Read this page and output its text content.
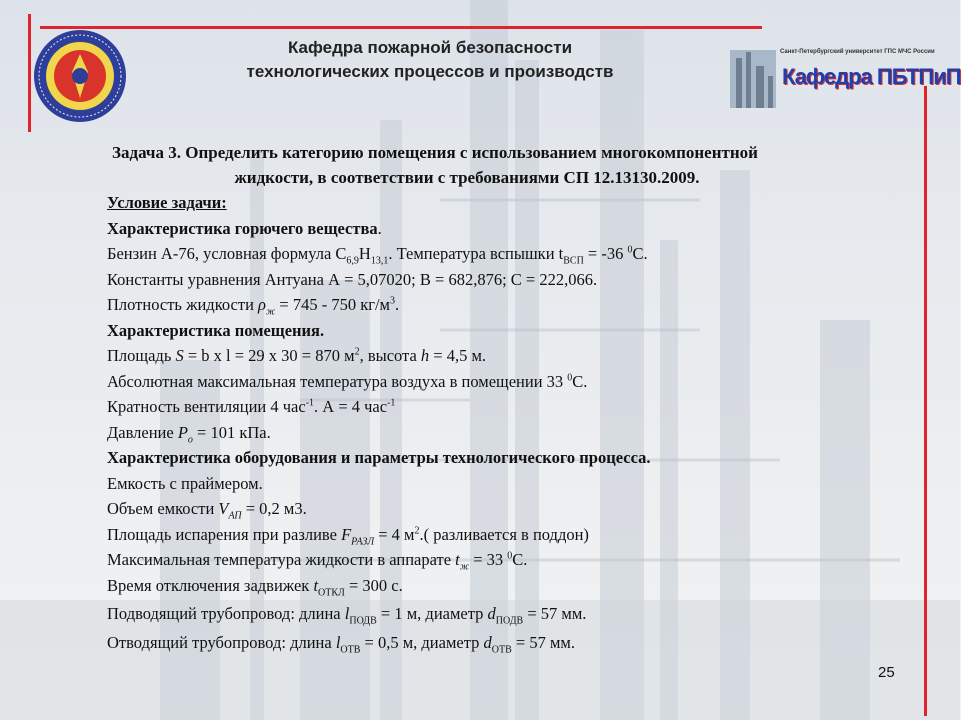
Кафедра пожарной безопасности
технологических процессов и производств
Санкт-Петербургский университет ГПС МЧС России
Кафедра ПБТПиП
Задача 3. Определить категорию помещения с использованием многокомпонентной
жидкости, в соответствии с требованиями СП 12.13130.2009.
Условие задачи:
Характеристика горючего вещества.
Бензин А-76, условная формула $С_{6,9}Н_{13,1}$. Температура вспышки $t_{ВСП} = -36$ $^0$С.
Константы уравнения Антуана А = 5,07020; В = 682,876; С = 222,066.
Плотность жидкости $\rho_ж = 745 - 750$ $кг/м^3$.
Характеристика помещения.
Площадь S = b х l = 29 х 30 = 870 $м^2$, высота h = 4,5 м.
Абсолютная максимальная температура воздуха в помещении 33 $^0$С.
Кратность вентиляции 4 час$^{-1}$. А = 4 час$^{-1}$
Давление $Р_о = 101$ кПа.
Характеристика оборудования и параметры технологического процесса.
Емкость с праймером.
Объем емкости $V_{АП} = 0,2$ м3.
Площадь испарения при разливе $F_{РАЗЛ} = 4$ $м^2$.( разливается в поддон)
Максимальная температура жидкости в аппарате $t_ж = 33$ $^0$С.
Время отключения задвижек $t_{ОТКЛ} = 300$ с.
Подводящий трубопровод: длина $l_{ПОДВ} = 1$ м, диаметр $d_{ПОДВ} = 57$ мм.
Отводящий трубопровод: длина $l_{ОТВ} = 0,5$ м, диаметр $d_{ОТВ} = 57$ мм.
25
